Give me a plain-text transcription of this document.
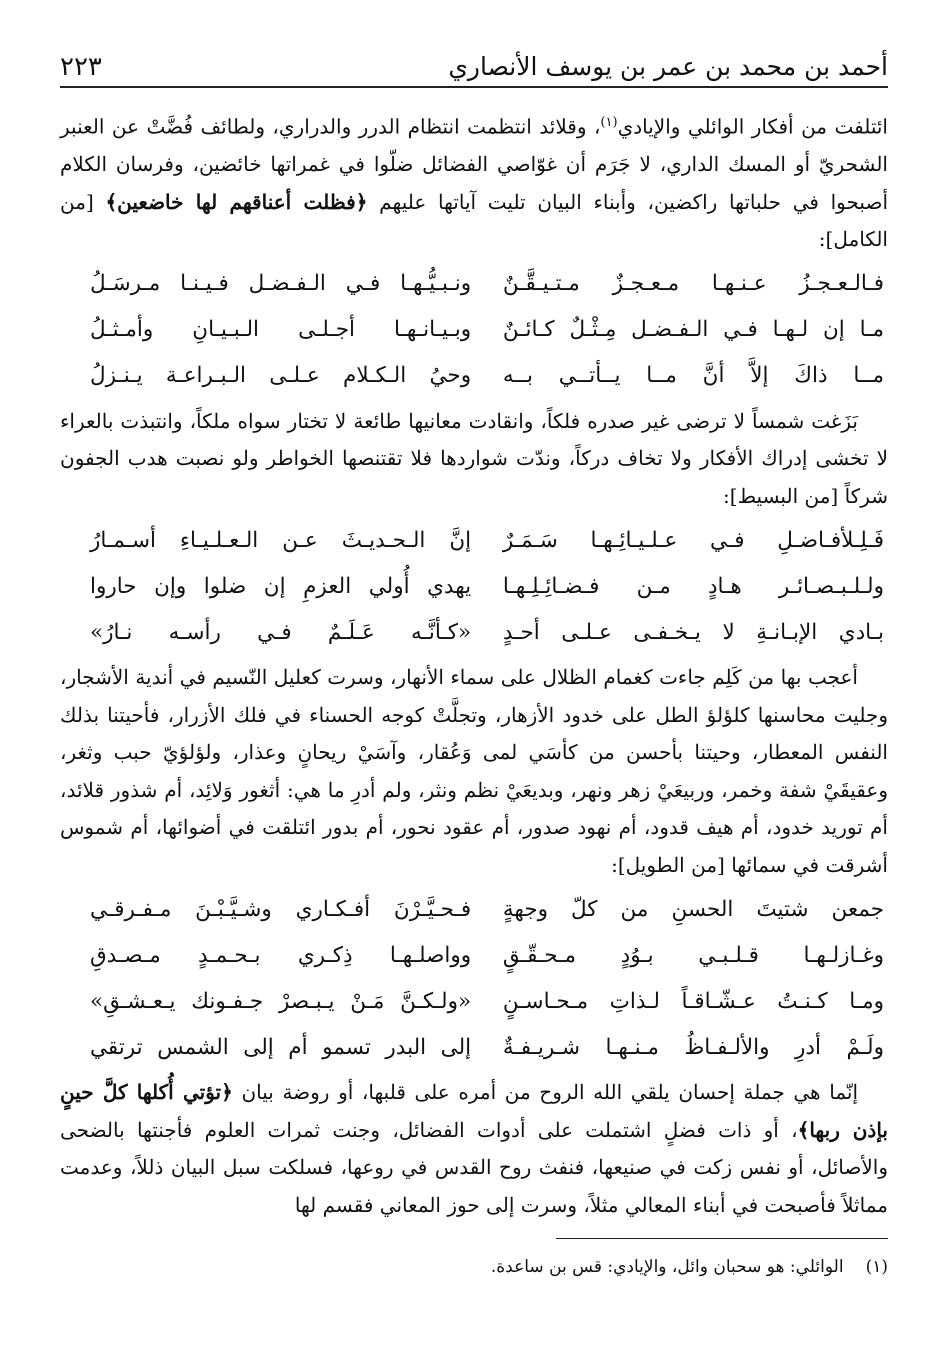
أحمد بن محمد بن عمر بن يوسف الأنصاري
٢٢٣

ائتلفت من أفكار الوائلي والإيادي$^{(١)}$، وقلائد انتظمت انتظام الدرر والدراري، ولطائف فُضَّتْ عن العنبر الشحريّ أو المسك الداري، لا جَرَم أن غوّاصي الفضائل ضلّوا في غمراتها خائضين، وفرسان الكلام أصبحوا في حلباتها راكضين، وأبناء البيان تليت آياتها عليهم ﴿فظلت أعناقهم لها خاضعين﴾ [من الكامل]:

فـالـعـجـزُ عـنـهـا مـعـجـزٌ مـتـيـقَّـنٌ
ونـبـيُّـهـا فـي الـفـضـل فـيـنـا مـرسَـلُ
مـا إن لـهـا فـي الـفـضـل مِـثْـلٌ كـائـنٌ
وبـيـانـهـا أجـلـى الـبـيـانِ وأمـثـلُ
مــا ذاكَ إلاَّ أنَّ مــا يــأتــي بــه
وحيُ الـكـلام عـلـى الـبـراعـة يـنـزلُ

بَزَغت شمساً لا ترضى غير صدره فلكاً، وانقادت معانيها طائعة لا تختار سواه ملكاً، وانتبذت بالعراء لا تخشى إدراك الأفكار ولا تخاف دركاً، وندّت شواردها فلا تقتنصها الخواطر ولو نصبت هدب الجفون شركاً [من البسيط]:

فَـلِـلأفـاضـلِ فـي عـلـيـائِـهـا سَـمَـرٌ
إنَّ الـحـديـثَ عـن الـعـلـيـاءِ أسـمـارُ
ولـلـبـصـائـر هـادٍ مـن فـضـائِـلِـهـا
يهدي أُولي العزمِ إن ضلوا وإن حاروا
بـادي الإبـانـةِ لا يـخـفـى عـلـى أحـدٍ
«كـأنَّـه عَـلَـمٌ فـي رأسـه نـارُ»

أعجب بها من كَلِم جاءت كغمام الظلال على سماء الأنهار، وسرت كعليل النّسيم في أندية الأشجار، وجليت محاسنها كلؤلؤ الطل على خدود الأزهار، وتجلَّتْ كوجه الحسناء في فلك الأزرار، فأحيتنا بذلك النفس المعطار، وحيتنا بأحسن من كأسَي لمى وَعُقار، وآسَيْ ريحانٍ وعذار، ولؤلؤيّ حبب وثغر، وعقيقَيْ شفة وخمر، وربيعَيْ زهر ونهر، وبديعَيْ نظم ونثر، ولم أدرِ ما هي: أثغور وَلائِد، أم شذور قلائد، أم توريد خدود، أم هيف قدود، أم نهود صدور، أم عقود نحور، أم بدور ائتلقت في أضوائها، أم شموس أشرقت في سمائها [من الطويل]:

جمعن شتيتَ الحسنِ من كلّ وجهةٍ
فـحـيَّـرْنَ أفـكـاري وشـيَّـبْـنَ مـفـرقـي
وغـازلـهـا قـلـبـي بـوُدٍ مـحـقّـقٍ
وواصلـهـا ذِكـري بـحـمـدٍ مـصـدقِ
ومـا كـنـتُ عـشّـاقـاً لـذاتِ مـحـاسـنٍ
«ولـكـنَّ مَـنْ يـبـصرْ جـفـونك يـعـشـقِ»
ولَـمْ أدرِ والألـفـاظُ مـنـهـا شـريـفـةٌ
إلى البدر تسمو أم إلى الشمس ترتقي

إنّما هي جملة إحسان يلقي الله الروح من أمره على قلبها، أو روضة بيان ﴿تؤتي أُكلها كلَّ حينٍ بإذن ربها﴾، أو ذات فضلٍ اشتملت على أدوات الفضائل، وجنت ثمرات العلوم فأجنتها بالضحى والأصائل، أو نفس زكت في صنيعها، فنفث روح القدس في روعها، فسلكت سبل البيان ذللاً، وعدمت مماثلاً فأصبحت في أبناء المعالي مثلاً، وسرت إلى حوز المعاني فقسم لها

(١)الوائلي: هو سحبان وائل، والإيادي: قس بن ساعدة.
